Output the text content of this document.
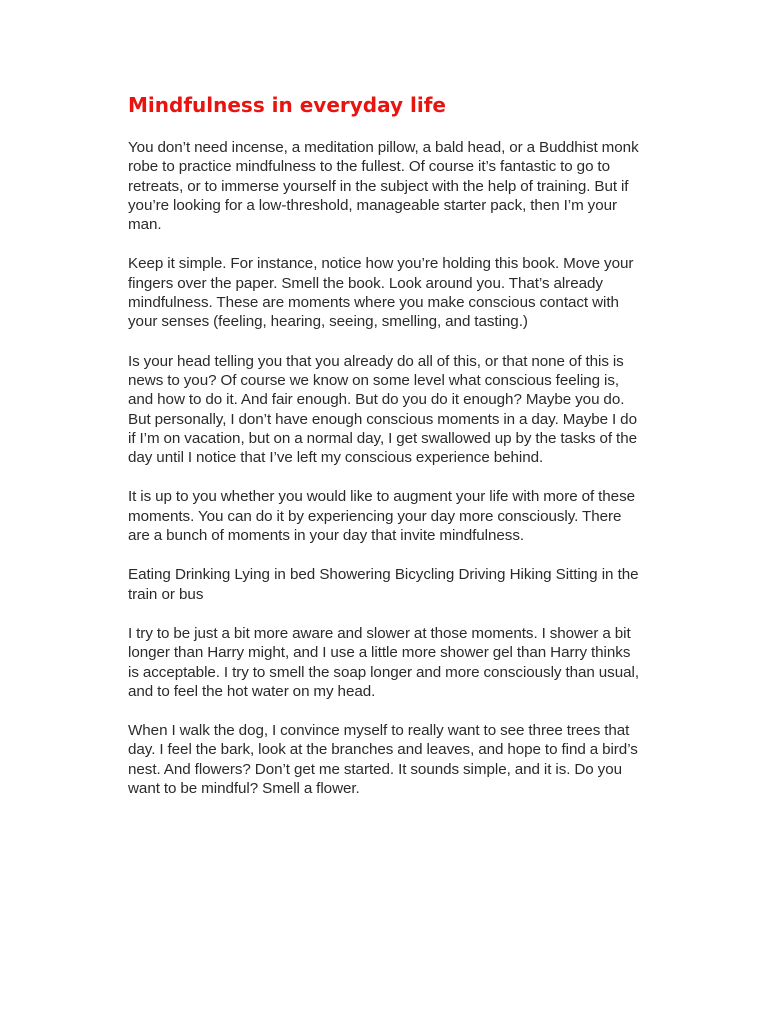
Mindfulness in everyday life

You don’t need incense, a meditation pillow, a bald head, or a Buddhist monk robe to practice mindfulness to the fullest. Of course it’s fantastic to go to retreats, or to immerse yourself in the subject with the help of training. But if you’re looking for a low-threshold, manageable starter pack, then I’m your man.

Keep it simple. For instance, notice how you’re holding this book. Move your fingers over the paper. Smell the book. Look around you. That’s already mindfulness. These are moments where you make conscious contact with your senses (feeling, hearing, seeing, smelling, and tasting.)

Is your head telling you that you already do all of this, or that none of this is news to you? Of course we know on some level what conscious feeling is, and how to do it. And fair enough. But do you do it enough? Maybe you do. But personally, I don’t have enough conscious moments in a day. Maybe I do if I’m on vacation, but on a normal day, I get swallowed up by the tasks of the day until I notice that I’ve left my conscious experience behind.

It is up to you whether you would like to augment your life with more of these moments. You can do it by experiencing your day more consciously. There are a bunch of moments in your day that invite mindfulness.

Eating Drinking Lying in bed Showering Bicycling Driving Hiking Sitting in the train or bus

I try to be just a bit more aware and slower at those moments. I shower a bit longer than Harry might, and I use a little more shower gel than Harry thinks is acceptable. I try to smell the soap longer and more consciously than usual, and to feel the hot water on my head.

When I walk the dog, I convince myself to really want to see three trees that day. I feel the bark, look at the branches and leaves, and hope to find a bird’s nest. And flowers? Don’t get me started. It sounds simple, and it is. Do you want to be mindful? Smell a flower.
